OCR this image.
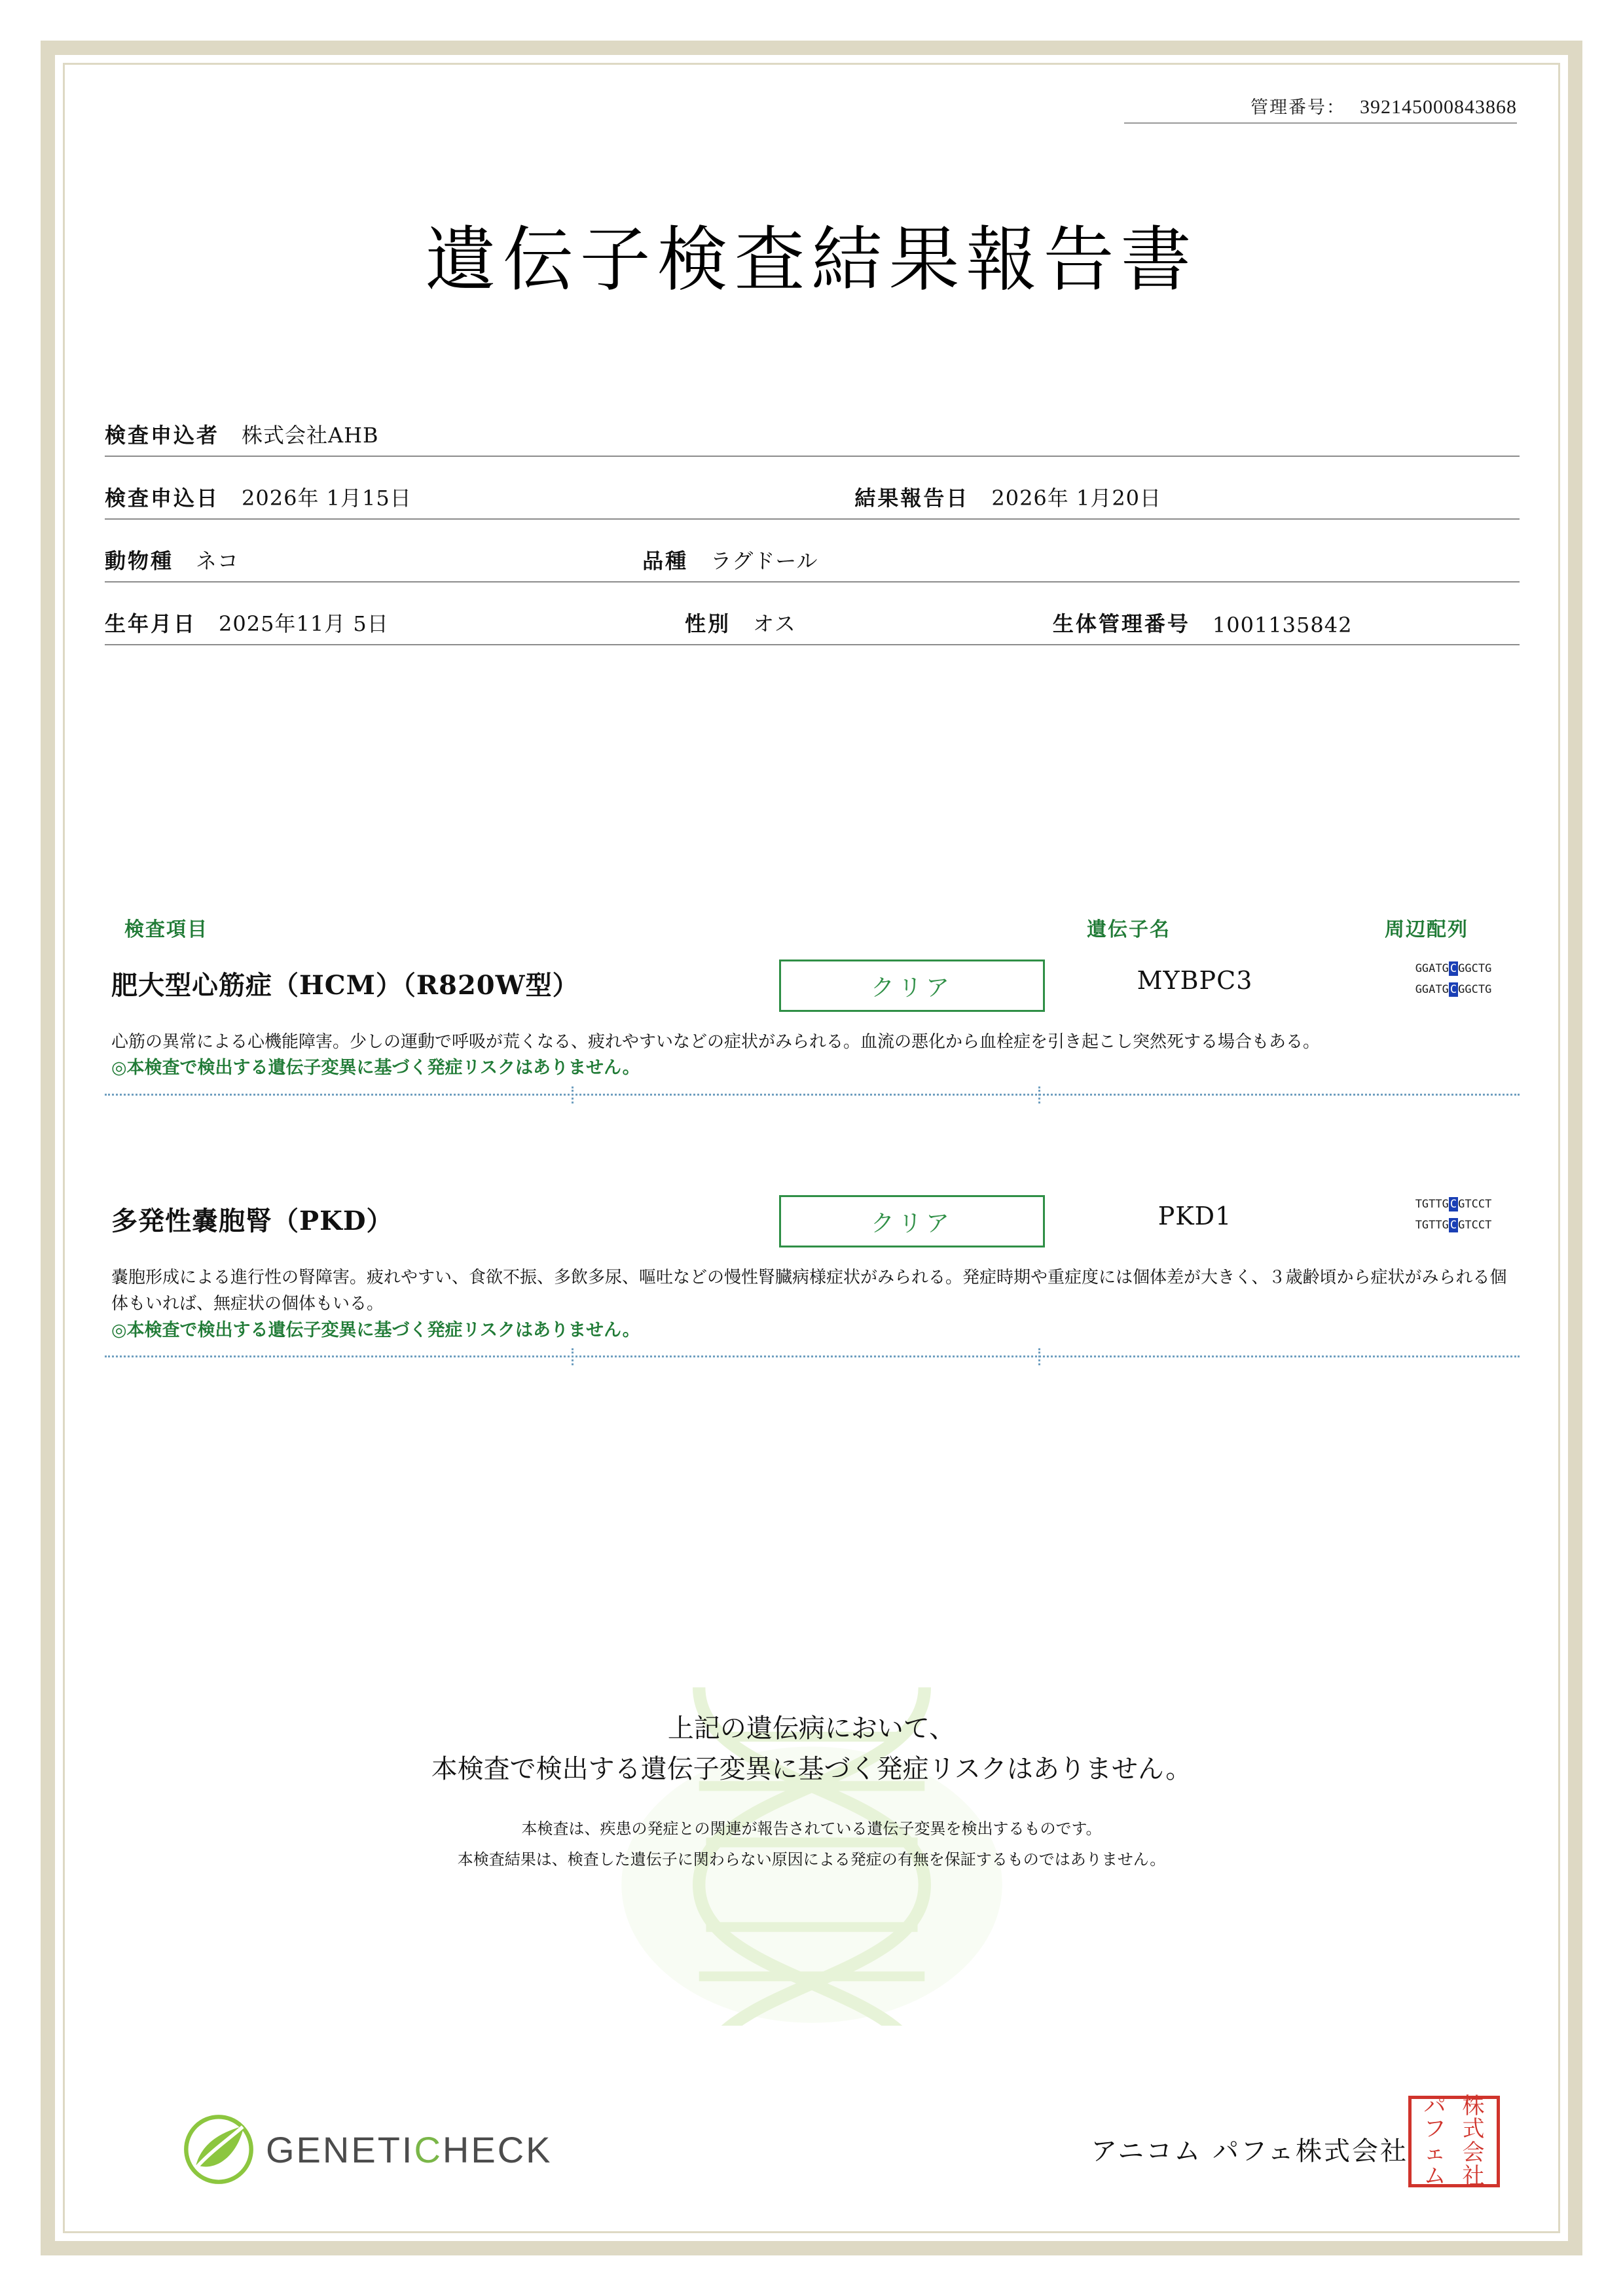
管理番号： 392145000843868
遺伝子検査結果報告書
検査申込者	株式会社AHB
検査申込日	2026年 1月15日	結果報告日	2026年 1月20日
動物種	ネコ	品種	ラグドール
生年月日	2025年11月 5日	性別	オス	生体管理番号	1001135842
検査項目	遺伝子名	周辺配列
肥大型心筋症（HCM）（R820W型）	クリア	MYBPC3	GGATG C GGCTG
GGATG C GGCTG
心筋の異常による心機能障害。少しの運動で呼吸が荒くなる、疲れやすいなどの症状がみられる。血流の悪化から血栓症を引き起こし突然死する場合もある。
◎本検査で検出する遺伝子変異に基づく発症リスクはありません。
多発性嚢胞腎（PKD）	クリア	PKD1	TGTTG C GTCCT
TGTTG C GTCCT
嚢胞形成による進行性の腎障害。疲れやすい、食欲不振、多飲多尿、嘔吐などの慢性腎臓病様症状がみられる。発症時期や重症度には個体差が大きく、３歳齢頃から症状がみられる個体もいれば、無症状の個体もいる。
◎本検査で検出する遺伝子変異に基づく発症リスクはありません。
上記の遺伝病において、
本検査で検出する遺伝子変異に基づく発症リスクはありません。
本検査は、疾患の発症との関連が報告されている遺伝子変異を検出するものです。
本検査結果は、検査した遺伝子に関わらない原因による発症の有無を保証するものではありません。
GENETICHECK	アニコム パフェ株式会社
パ 株
フ 式
ェ 会
ム 社
